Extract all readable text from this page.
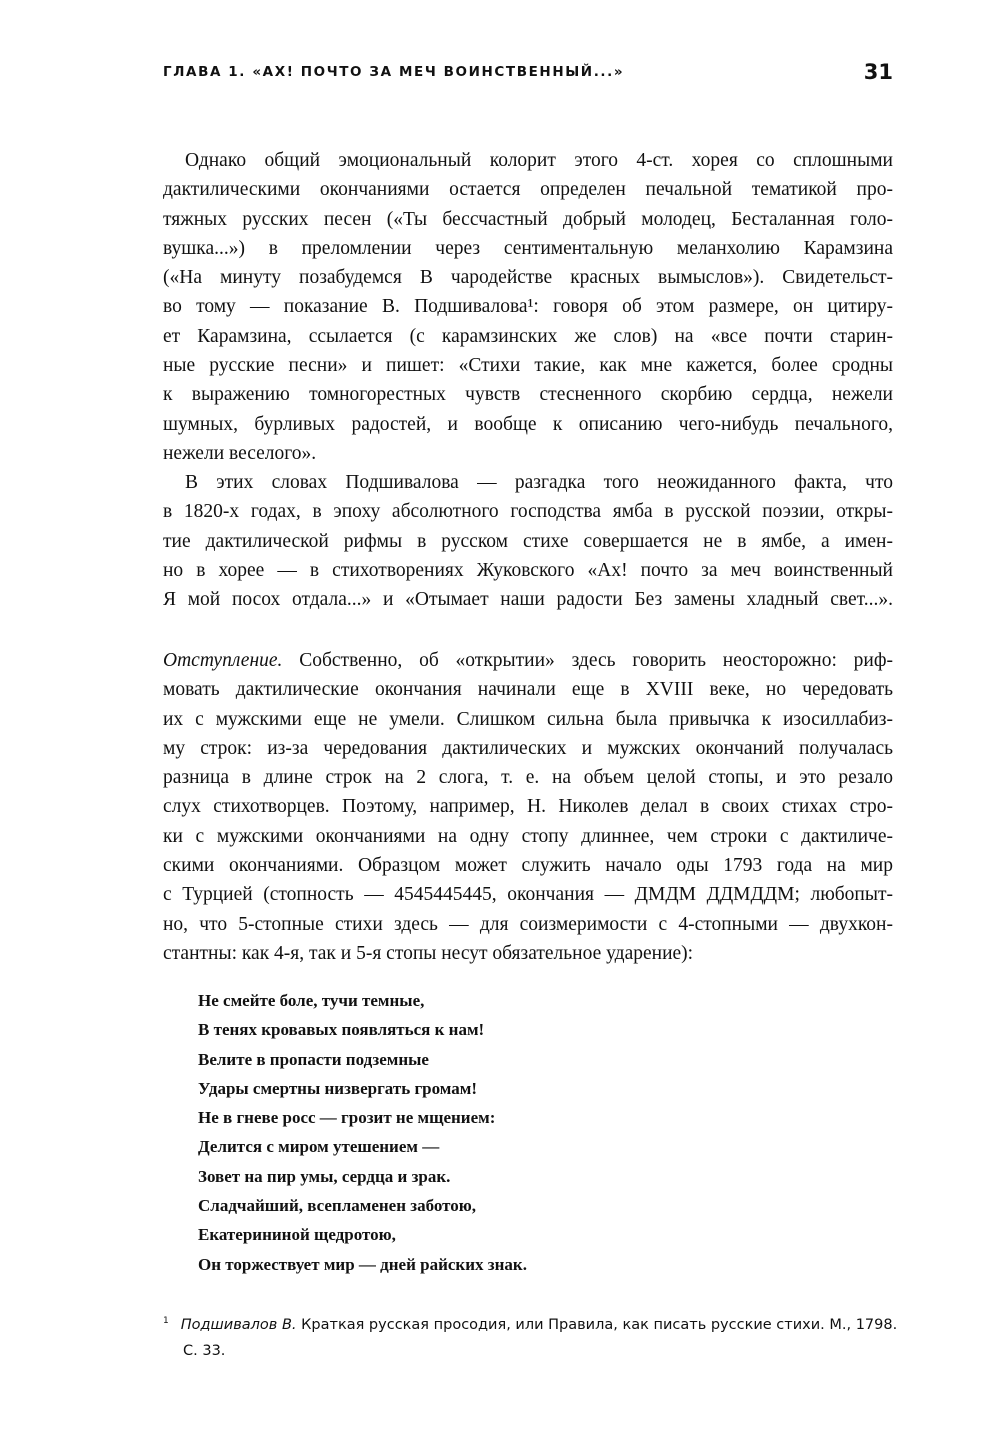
ГЛАВА 1. «АХ! ПОЧТО ЗА МЕЧ ВОИНСТВЕННЫЙ...»	31
Однако общий эмоциональный колорит этого 4-ст. хорея со сплошными
дактилическими окончаниями остается определен печальной тематикой про-
тяжных русских песен («Ты бессчастный добрый молодец, Бесталанная голо-
вушка...») в преломлении через сентиментальную меланхолию Карамзина
(«На минуту позабудемся В чародействе красных вымыслов»). Свидетельст-
во тому — показание В. Подшивалова¹: говоря об этом размере, он цитиру-
ет Карамзина, ссылается (с карамзинских же слов) на «все почти старин-
ные русские песни» и пишет: «Стихи такие, как мне кажется, более сродны
к выражению томногорестных чувств стесненного скорбию сердца, нежели
шумных, бурливых радостей, и вообще к описанию чего-нибудь печального,
нежели веселого».
В этих словах Подшивалова — разгадка того неожиданного факта, что
в 1820-х годах, в эпоху абсолютного господства ямба в русской поэзии, откры-
тие дактилической рифмы в русском стихе совершается не в ямбе, а имен-
но в хорее — в стихотворениях Жуковского «Ах! почто за меч воинственный
Я мой посох отдала...» и «Отымает наши радости Без замены хладный свет...».
Отступление. Собственно, об «открытии» здесь говорить неосторожно: риф-
мовать дактилические окончания начинали еще в XVIII веке, но чередовать
их с мужскими еще не умели. Слишком сильна была привычка к изосиллабиз-
му строк: из-за чередования дактилических и мужских окончаний получалась
разница в длине строк на 2 слога, т. е. на объем целой стопы, и это резало
слух стихотворцев. Поэтому, например, Н. Николев делал в своих стихах стро-
ки с мужскими окончаниями на одну стопу длиннее, чем строки с дактиличе-
скими окончаниями. Образцом может служить начало оды 1793 года на мир
с Турцией (стопность — 4545445445, окончания — ДМДМ ДДМДДМ; любопыт-
но, что 5-стопные стихи здесь — для соизмеримости с 4-стопными — двухкон-
стантны: как 4-я, так и 5-я стопы несут обязательное ударение):
Не смейте боле, тучи темные,
В тенях кровавых появляться к нам!
Велите в пропасти подземные
Удары смертны низвергать громам!
Не в гневе росс — грозит не мщением:
Делится с миром утешением —
Зовет на пир умы, сердца и зрак.
Сладчайший, всепламенен заботою,
Екатерининой щедротою,
Он торжествует мир — дней райских знак.
$^1$ Подшивалов В. Краткая русская просодия, или Правила, как писать русские стихи. М., 1798.
С. 33.
